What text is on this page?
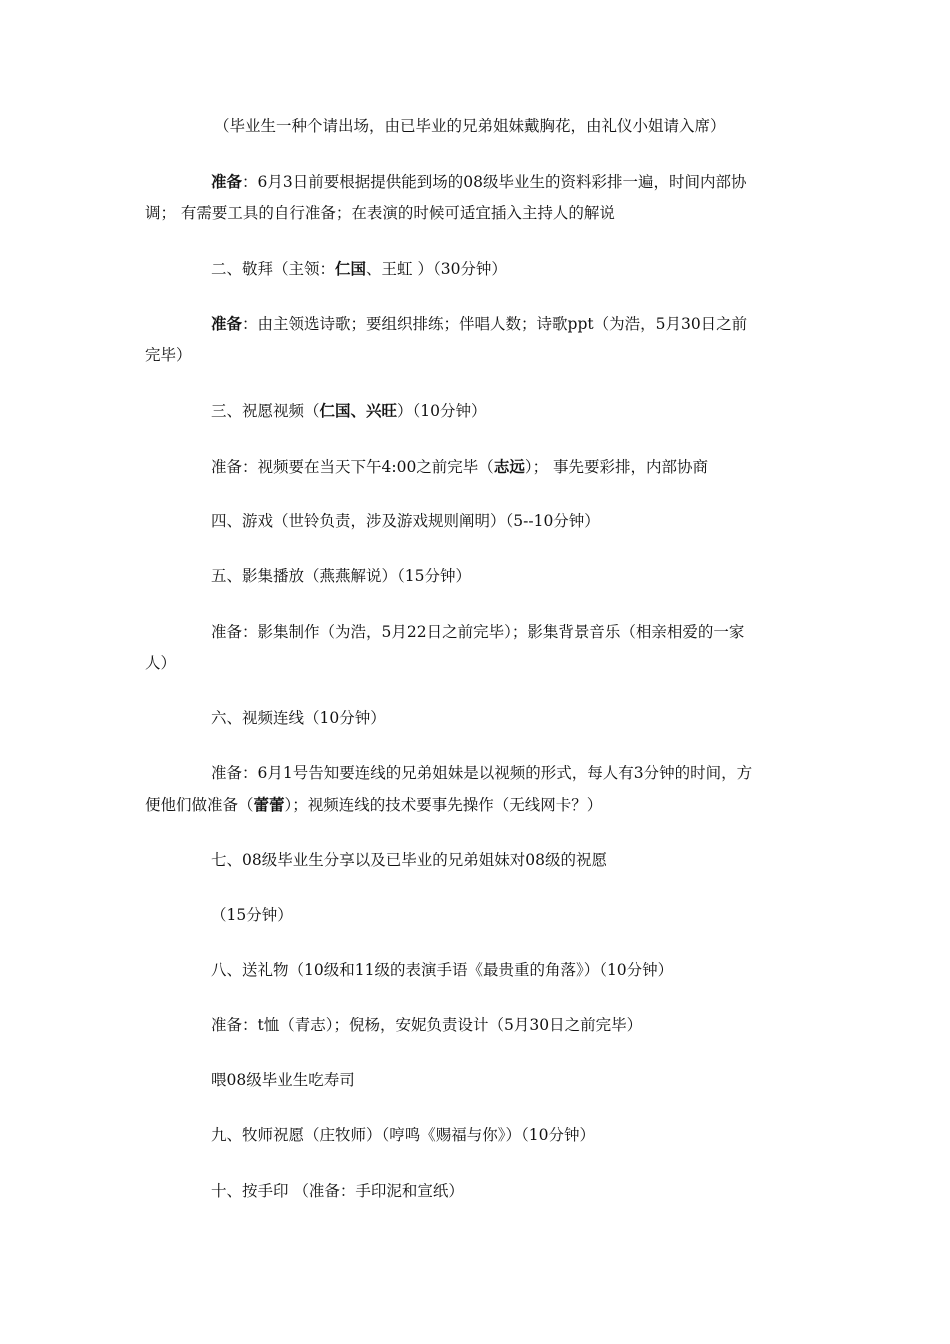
（毕业生一种个请出场，由已毕业的兄弟姐妹戴胸花，由礼仪小姐请入席）
准备：6月3日前要根据提供能到场的08级毕业生的资料彩排一遍，时间内部协
调； 有需要工具的自行准备；在表演的时候可适宜插入主持人的解说
二、敬拜（主领：仁国、王虹 ）（30分钟）
准备：由主领选诗歌；要组织排练；伴唱人数；诗歌ppt（为浩，5月30日之前
完毕）
三、祝愿视频（仁国、兴旺）（10分钟）
准备：视频要在当天下午4:00之前完毕（志远）； 事先要彩排，内部协商
四、游戏（世铃负责，涉及游戏规则阐明）（5--10分钟）
五、影集播放（燕燕解说）（15分钟）
准备：影集制作（为浩，5月22日之前完毕）；影集背景音乐（相亲相爱的一家
人）
六、视频连线（10分钟）
准备：6月1号告知要连线的兄弟姐妹是以视频的形式，每人有3分钟的时间，方
便他们做准备（蕾蕾）；视频连线的技术要事先操作（无线网卡？）
七、08级毕业生分享以及已毕业的兄弟姐妹对08级的祝愿
（15分钟）
八、送礼物（10级和11级的表演手语《最贵重的角落》）（10分钟）
准备：t恤（青志）；倪杨，安妮负责设计（5月30日之前完毕）
喂08级毕业生吃寿司
九、牧师祝愿（庄牧师）（哼鸣《赐福与你》）（10分钟）
十、按手印 （准备：手印泥和宣纸）
